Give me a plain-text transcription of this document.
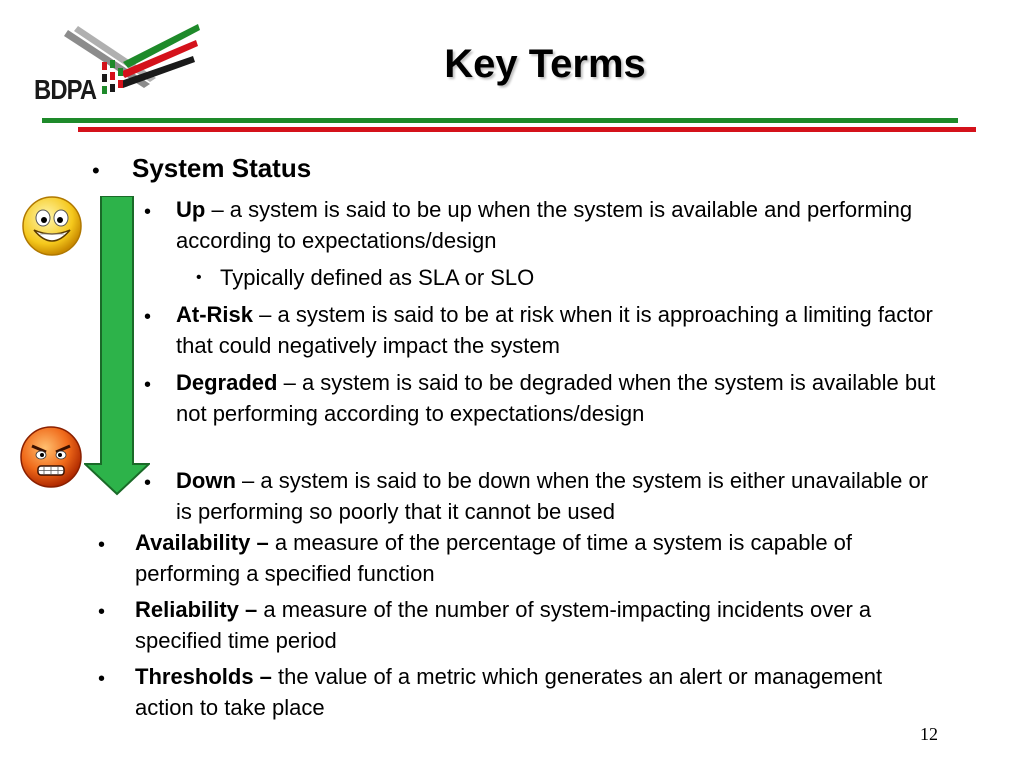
BDPA
Key Terms
• System Status
• Up – a system is said to be up when the system is available and performing according to expectations/design
• Typically defined as SLA or SLO
• At-Risk – a system is said to be at risk when it is approaching a limiting factor that could negatively impact the system
• Degraded – a system is said to be degraded when the system is available but not performing according to expectations/design
• Down – a system is said to be down when the system is either unavailable or is performing so poorly that it cannot be used
• Availability – a measure of the percentage of time a system is capable of performing a specified function
• Reliability – a measure of the number of system-impacting incidents over a specified time period
• Thresholds – the value of a metric which generates an alert or management action to take place
12
